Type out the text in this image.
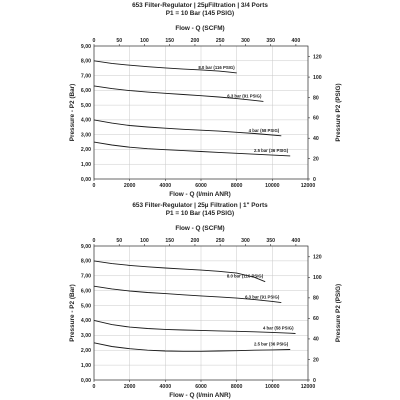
653 Filter-Regulator | 25µFiltration | 3/4 Ports
P1 = 10 Bar (145 PSIG)
Flow - Q (SCFM)
0	2000	4000	6000	8000	10000	12000
0	50	100	150	200	250	300	350	400
0,00
1,00
2,00
3,00
4,00
5,00
6,00
7,00
8,00
9,00
0
20
40
60
80
100
120
Flow - Q (l/min ANR)
Pressure - P2 (Bar)	Pressure P2 (PSIG)
8.0 bar (116 PSIG)
6.3 bar (91 PSIG)
4 bar (58 PSIG)
2.5 bar (36 PSIG)
653 Filter-Regulator | 25µ Filtration | 1" Ports
P1 = 10 Bar (145 PSIG)
Flow - Q (SCFM)
0	2000	4000	6000	8000	10000	12000
0	50	100	150	200	250	300	350	400
0,00
1,00
2,00
3,00
4,00
5,00
6,00
7,00
8,00
9,00
0
20
40
60
80
100
120
Flow - Q (l/min ANR)
Pressure - P2 (Bar)	Pressure P2 (PSIG)
8.0 bar (116 PSIG)
6.3 bar (91 PSIG)
4 bar (58 PSIG)
2.5 bar (36 PSIG)
